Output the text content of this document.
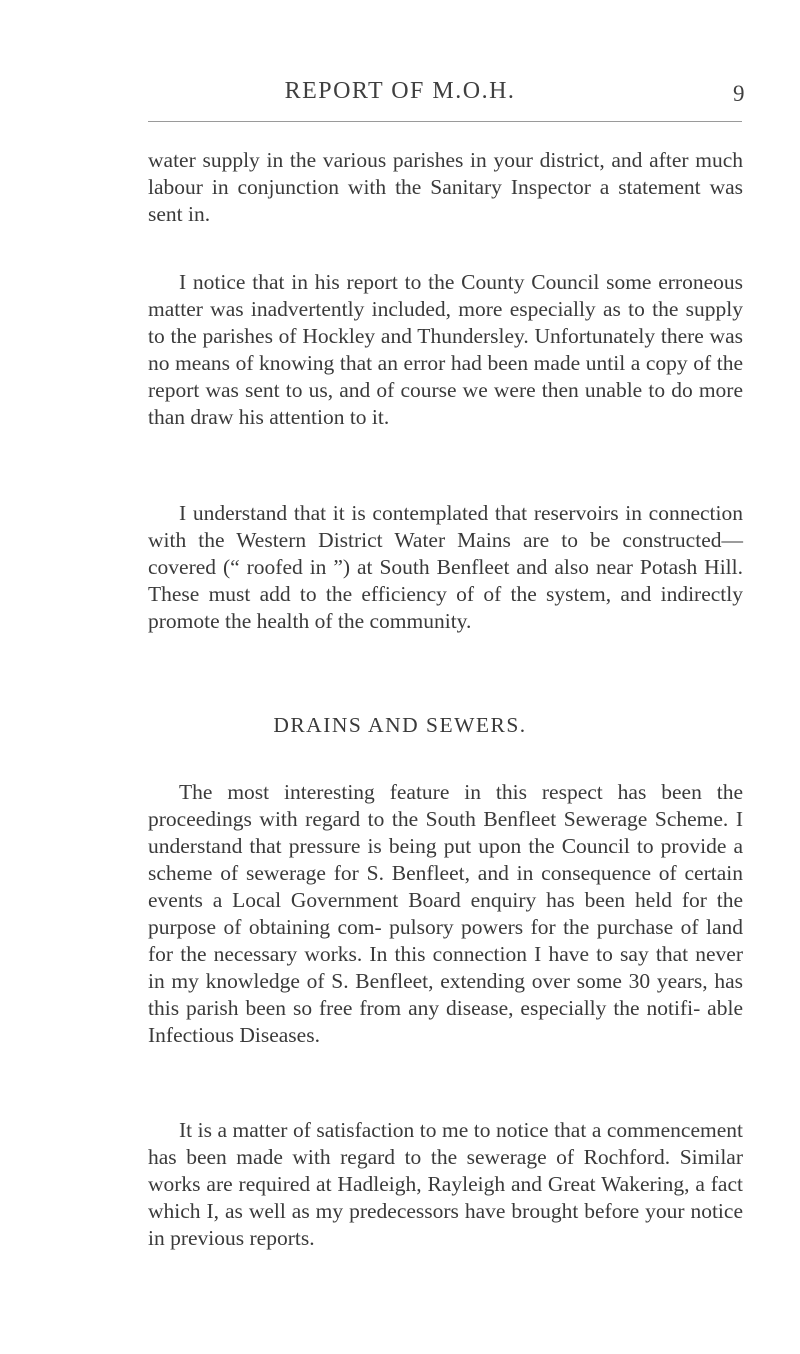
REPORT OF M.O.H.	9

water supply in the various parishes in your district, and after much labour in conjunction with the Sanitary Inspector a statement was sent in.

I notice that in his report to the County Council some erroneous matter was inadvertently included, more especially as to the supply to the parishes of Hockley and Thundersley. Unfortunately there was no means of knowing that an error had been made until a copy of the report was sent to us, and of course we were then unable to do more than draw his attention to it.

I understand that it is contemplated that reservoirs in connection with the Western District Water Mains are to be constructed—covered (“ roofed in ”) at South Benfleet and also near Potash Hill. These must add to the efficiency of of the system, and indirectly promote the health of the community.

DRAINS AND SEWERS.

The most interesting feature in this respect has been the proceedings with regard to the South Benfleet Sewerage Scheme. I understand that pressure is being put upon the Council to provide a scheme of sewerage for S. Benfleet, and in consequence of certain events a Local Government Board enquiry has been held for the purpose of obtaining com- pulsory powers for the purchase of land for the necessary works. In this connection I have to say that never in my knowledge of S. Benfleet, extending over some 30 years, has this parish been so free from any disease, especially the notifi- able Infectious Diseases.

It is a matter of satisfaction to me to notice that a commencement has been made with regard to the sewerage of Rochford. Similar works are required at Hadleigh, Rayleigh and Great Wakering, a fact which I, as well as my predecessors have brought before your notice in previous reports.
